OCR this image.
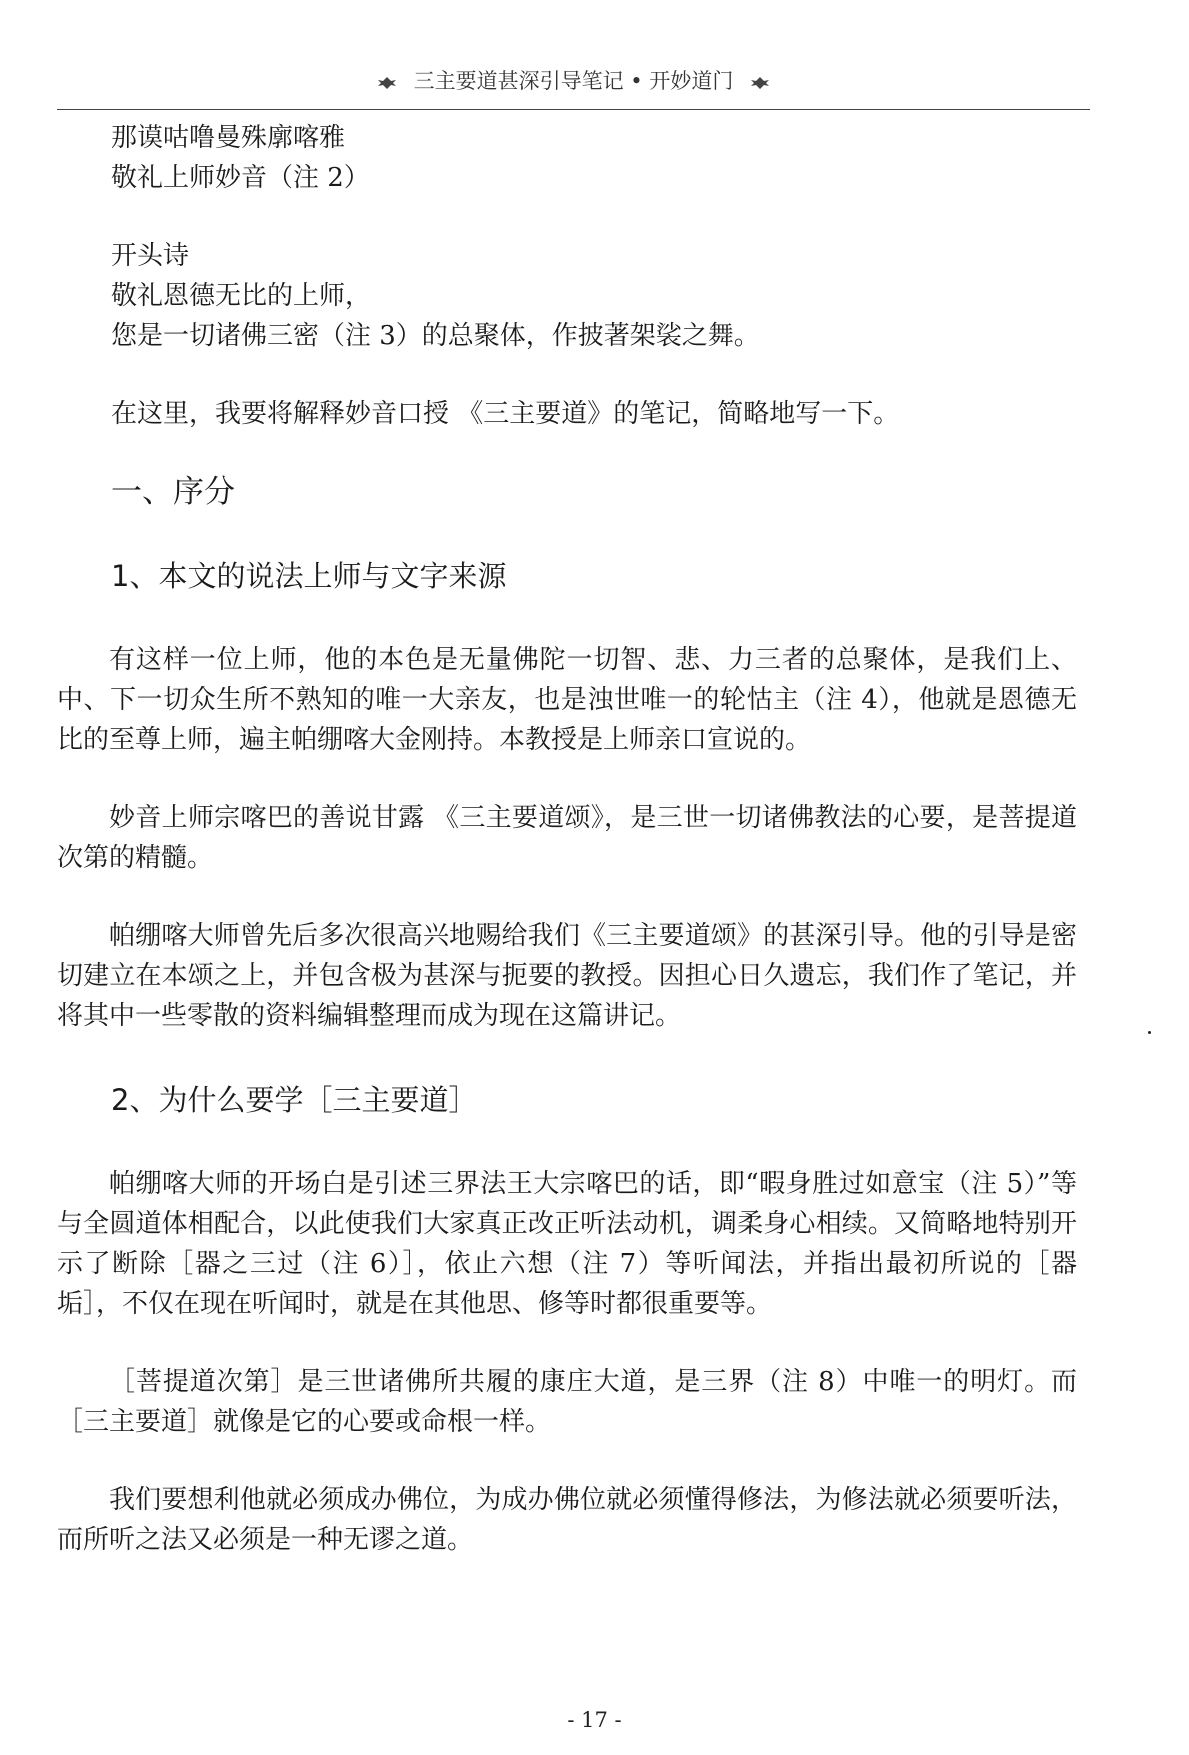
三主要道甚深引导笔记 • 开妙道门
那谟咕噜曼殊廓喀雅
敬礼上师妙音（注 2）
开头诗
敬礼恩德无比的上师，
您是一切诸佛三密（注 3）的总聚体，作披著架裟之舞。
在这里，我要将解释妙音口授 《三主要道》的笔记，简略地写一下。
一、序分
1、本文的说法上师与文字来源

有这样一位上师，他的本色是无量佛陀一切智、悲、力三者的总聚体，是我们上、中、下一切众生所不熟知的唯一大亲友，也是浊世唯一的轮怙主（注 4），他就是恩德无比的至尊上师，遍主帕绷喀大金刚持。本教授是上师亲口宣说的。

妙音上师宗喀巴的善说甘露 《三主要道颂》，是三世一切诸佛教法的心要，是菩提道次第的精髓。

帕绷喀大师曾先后多次很高兴地赐给我们《三主要道颂》的甚深引导。他的引导是密切建立在本颂之上，并包含极为甚深与扼要的教授。因担心日久遗忘，我们作了笔记，并将其中一些零散的资料编辑整理而成为现在这篇讲记。

2、为什么要学［三主要道］

帕绷喀大师的开场白是引述三界法王大宗喀巴的话，即“暇身胜过如意宝（注 5）”等与全圆道体相配合，以此使我们大家真正改正听法动机，调柔身心相续。又简略地特别开示了断除［器之三过（注 6）］，依止六想（注 7）等听闻法，并指出最初所说的［器垢］，不仅在现在听闻时，就是在其他思、修等时都很重要等。

［菩提道次第］是三世诸佛所共履的康庄大道，是三界（注 8）中唯一的明灯。而［三主要道］就像是它的心要或命根一样。

我们要想利他就必须成办佛位，为成办佛位就必须懂得修法，为修法就必须要听法，而所听之法又必须是一种无谬之道。

- 17 -
